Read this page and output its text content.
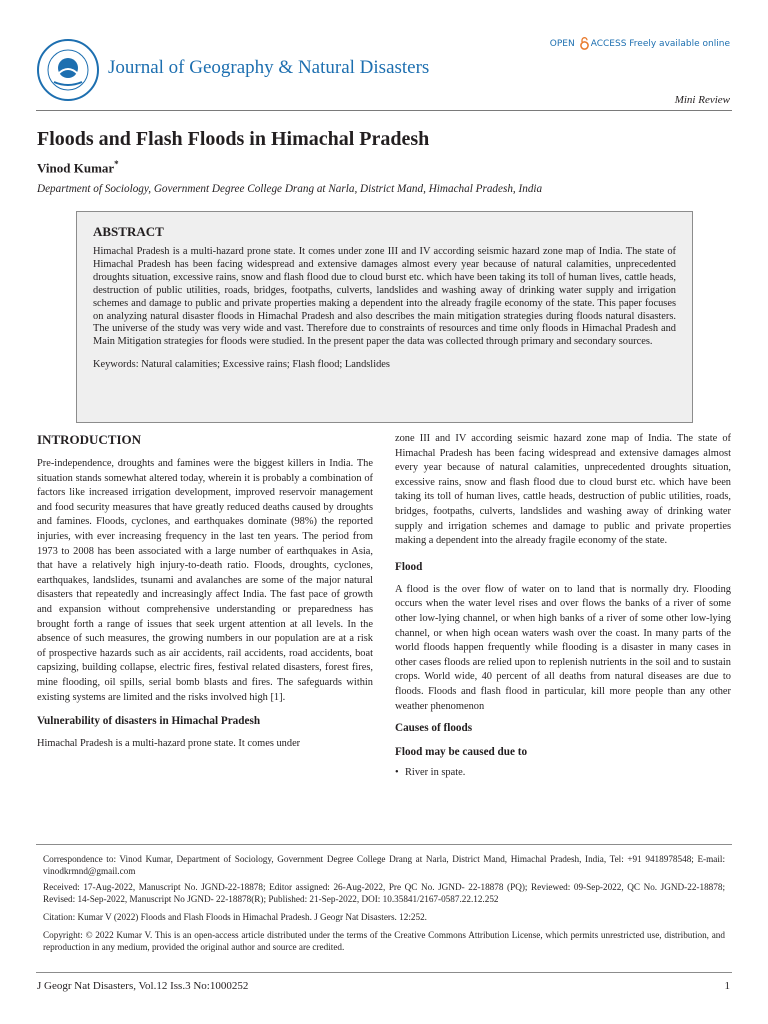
Journal of Geography & Natural Disasters
OPEN ACCESS Freely available online
Mini Review
Floods and Flash Floods in Himachal Pradesh
Vinod Kumar*
Department of Sociology, Government Degree College Drang at Narla, District Mand, Himachal Pradesh, India
ABSTRACT

Himachal Pradesh is a multi-hazard prone state. It comes under zone III and IV according seismic hazard zone map of India. The state of Himachal Pradesh has been facing widespread and extensive damages almost every year because of natural calamities, unprecedented droughts situation, excessive rains, snow and flash flood due to cloud burst etc. which have been taking its toll of human lives, cattle heads, destruction of public utilities, roads, bridges, footpaths, culverts, landslides and washing away of drinking water supply and irrigation schemes and damage to public and private properties making a dependent into the already fragile economy of the state. This paper focuses on analyzing natural disaster floods in Himachal Pradesh and also describes the main mitigation strategies during floods natural disasters. The universe of the study was very wide and vast. Therefore due to constraints of resources and time only floods in Himachal Pradesh and Main Mitigation strategies for floods were studied. In the present paper the data was collected through primary and secondary sources.

Keywords: Natural calamities; Excessive rains; Flash flood; Landslides

INTRODUCTION

Pre-independence, droughts and famines were the biggest killers in India. The situation stands somewhat altered today, wherein it is probably a combination of factors like increased irrigation development, improved reservoir management and food security measures that have greatly reduced deaths caused by droughts and famines. Floods, cyclones, and earthquakes dominate (98%) the reported injuries, with ever increasing frequency in the last ten years. The period from 1973 to 2008 has been associated with a large number of earthquakes in Asia, that have a relatively high injury-to-death ratio. Floods, droughts, cyclones, earthquakes, landslides, tsunami and avalanches are some of the major natural disasters that repeatedly and increasingly affect India. The fast pace of growth and expansion without comprehensive understanding or preparedness has brought forth a range of issues that seek urgent attention at all levels. In the absence of such measures, the growing numbers in our population are at a risk of prospective hazards such as air accidents, rail accidents, road accidents, boat capsizing, building collapse, electric fires, festival related disasters, forest fires, mine flooding, oil spills, serial bomb blasts and fires. The safeguards within existing systems are limited and the risks involved high [1].

Vulnerability of disasters in Himachal Pradesh

Himachal Pradesh is a multi-hazard prone state. It comes under

zone III and IV according seismic hazard zone map of India. The state of Himachal Pradesh has been facing widespread and extensive damages almost every year because of natural calamities, unprecedented droughts situation, excessive rains, snow and flash flood due to cloud burst etc. which have been taking its toll of human lives, cattle heads, destruction of public utilities, roads, bridges, footpaths, culverts, landslides and washing away of drinking water supply and irrigation schemes and damage to public and private properties making a dependent into the already fragile economy of the state.

Flood

A flood is the over flow of water on to land that is normally dry. Flooding occurs when the water level rises and over flows the banks of a river of some other low-lying channel, or when high banks of a river of some other low-lying channel, or when high ocean waters wash over the coast. In many parts of the world floods happen frequently while flooding is a disaster in many cases in other cases floods are relied upon to replenish nutrients in the soil and to sustain crops. World wide, 40 percent of all deaths from natural diseases are due to floods. Floods and flash flood in particular, kill more people than any other weather phenomenon

Causes of floods
Flood may be caused due to
• River in spate.
Correspondence to: Vinod Kumar, Department of Sociology, Government Degree College Drang at Narla, District Mand, Himachal Pradesh, India, Tel: +91 9418978548; E-mail: vinodkrmnd@gmail.com
Received: 17-Aug-2022, Manuscript No. JGND-22-18878; Editor assigned: 26-Aug-2022, Pre QC No. JGND- 22-18878 (PQ); Reviewed: 09-Sep-2022, QC No. JGND-22-18878; Revised: 14-Sep-2022, Manuscript No JGND- 22-18878(R); Published: 21-Sep-2022, DOI: 10.35841/2167-0587.22.12.252
Citation: Kumar V (2022) Floods and Flash Floods in Himachal Pradesh. J Geogr Nat Disasters. 12:252.
Copyright: © 2022 Kumar V. This is an open-access article distributed under the terms of the Creative Commons Attribution License, which permits unrestricted use, distribution, and reproduction in any medium, provided the original author and source are credited.
J Geogr Nat Disasters, Vol.12 Iss.3 No:1000252	1
